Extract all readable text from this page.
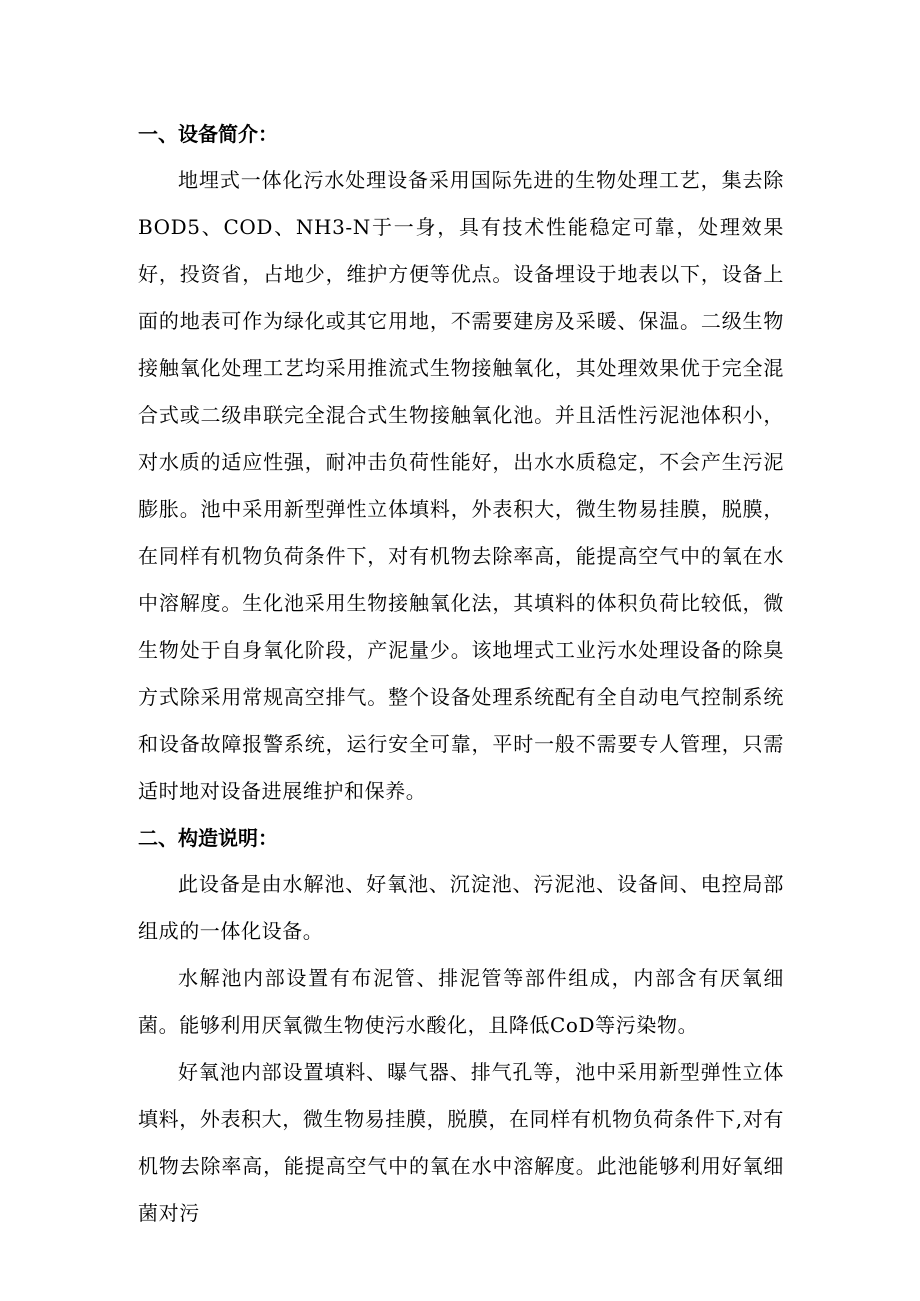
一、设备简介：

地埋式一体化污水处理设备采用国际先进的生物处理工艺，集去除BOD5、COD、NH3-N于一身，具有技术性能稳定可靠，处理效果好，投资省，占地少，维护方便等优点。设备埋设于地表以下，设备上面的地表可作为绿化或其它用地，不需要建房及采暖、保温。二级生物接触氧化处理工艺均采用推流式生物接触氧化，其处理效果优于完全混合式或二级串联完全混合式生物接触氧化池。并且活性污泥池体积小，对水质的适应性强，耐冲击负荷性能好，出水水质稳定，不会产生污泥膨胀。池中采用新型弹性立体填料，外表积大，微生物易挂膜，脱膜，在同样有机物负荷条件下，对有机物去除率高，能提高空气中的氧在水中溶解度。生化池采用生物接触氧化法，其填料的体积负荷比较低，微生物处于自身氧化阶段，产泥量少。该地埋式工业污水处理设备的除臭方式除采用常规高空排气。整个设备处理系统配有全自动电气控制系统和设备故障报警系统，运行安全可靠，平时一般不需要专人管理，只需适时地对设备进展维护和保养。

二、构造说明：

此设备是由水解池、好氧池、沉淀池、污泥池、设备间、电控局部组成的一体化设备。

水解池内部设置有布泥管、排泥管等部件组成，内部含有厌氧细菌。能够利用厌氧微生物使污水酸化，且降低CoD等污染物。

好氧池内部设置填料、曝气器、排气孔等，池中采用新型弹性立体填料，外表积大，微生物易挂膜，脱膜，在同样有机物负荷条件下,对有机物去除率高，能提高空气中的氧在水中溶解度。此池能够利用好氧细菌对污
